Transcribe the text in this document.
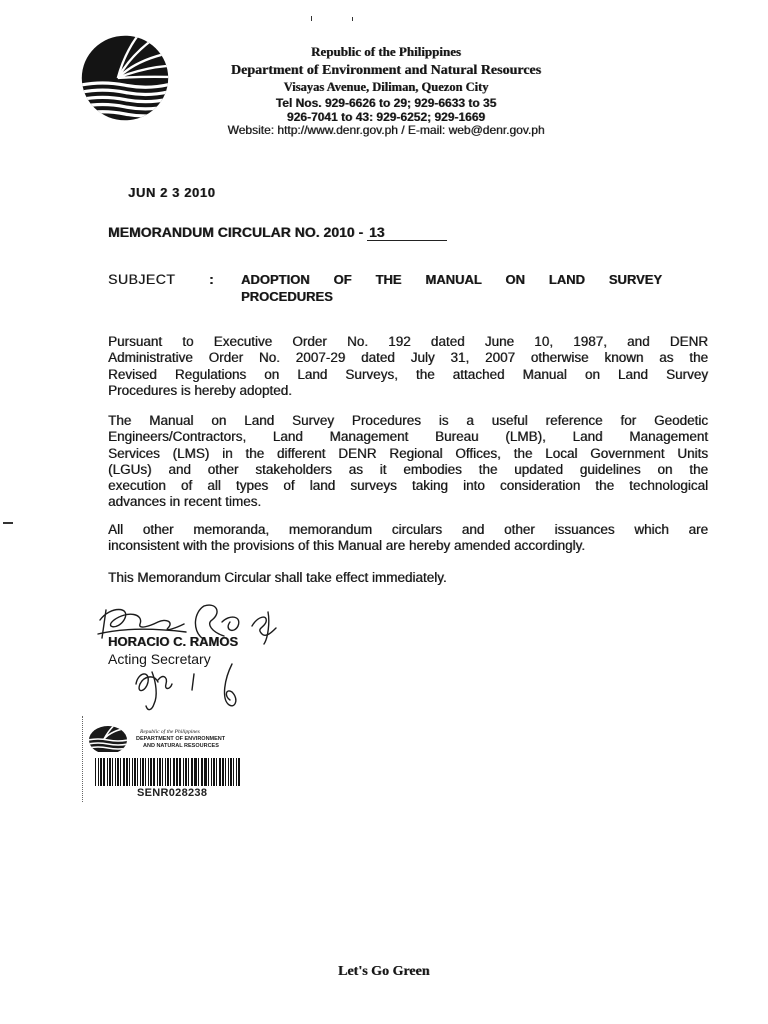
Republic of the Philippines
Department of Environment and Natural Resources
Visayas Avenue, Diliman, Quezon City
Tel Nos. 929-6626 to 29; 929-6633 to 35
926-7041 to 43: 929-6252; 929-1669
Website: http://www.denr.gov.ph / E-mail: web@denr.gov.ph
JUN 2 3 2010
MEMORANDUM CIRCULAR NO. 2010 - 13
SUBJECT : ADOPTION OF THE MANUAL ON LAND SURVEY
PROCEDURES
Pursuant to Executive Order No. 192 dated June 10, 1987, and DENR
Administrative Order No. 2007-29 dated July 31, 2007 otherwise known as the
Revised Regulations on Land Surveys, the attached Manual on Land Survey
Procedures is hereby adopted.
The Manual on Land Survey Procedures is a useful reference for Geodetic
Engineers/Contractors, Land Management Bureau (LMB), Land Management
Services (LMS) in the different DENR Regional Offices, the Local Government Units
(LGUs) and other stakeholders as it embodies the updated guidelines on the
execution of all types of land surveys taking into consideration the technological
advances in recent times.
All other memoranda, memorandum circulars and other issuances which are
inconsistent with the provisions of this Manual are hereby amended accordingly.
This Memorandum Circular shall take effect immediately.
HORACIO C. RAMOS
Acting Secretary
Republic of the Philippines
DEPARTMENT OF ENVIRONMENT
AND NATURAL RESOURCES
SENR028238
Let's Go Green
